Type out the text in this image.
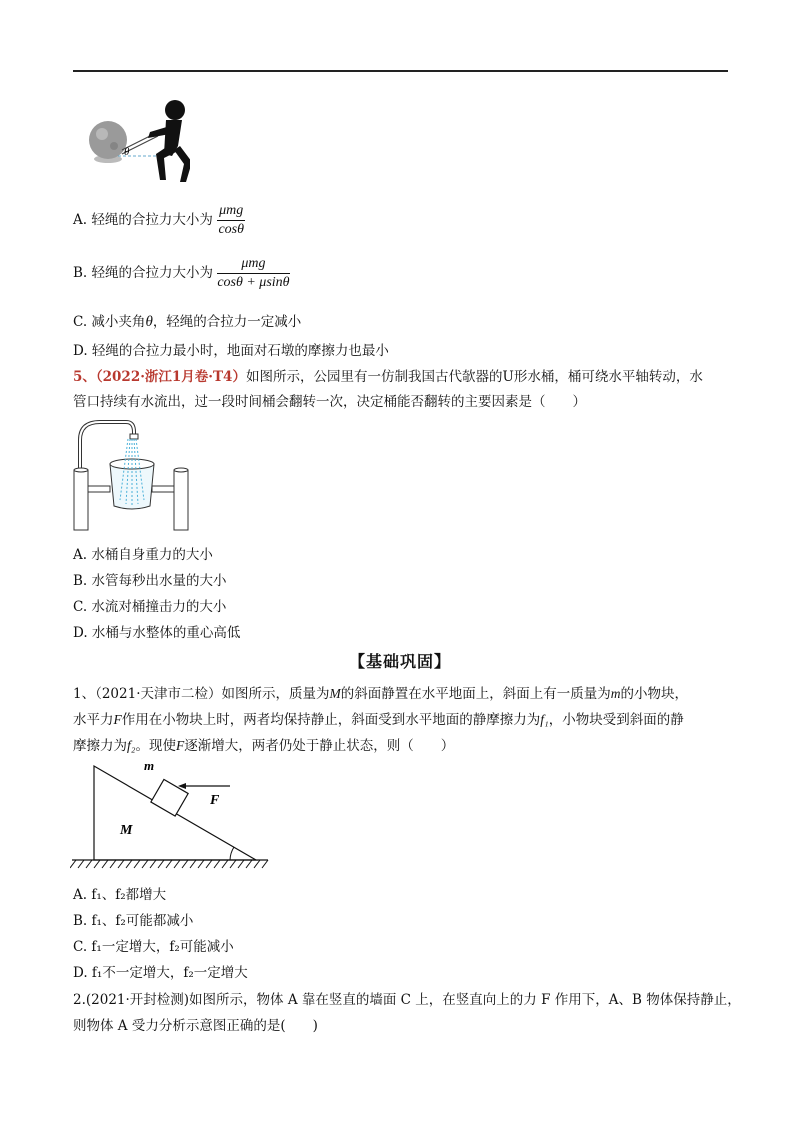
θ
A. 轻绳的合拉力大小为 $\frac{\text{μmg}}{\cos\theta}$
B. 轻绳的合拉力大小为 $\frac{\text{μmg}}{\cos\theta + \mu\sin\theta}$
C. 减小夹角θ，轻绳的合拉力一定减小
D. 轻绳的合拉力最小时，地面对石墩的摩擦力也最小
5、（2022·浙江1月卷·T4）如图所示，公园里有一仿制我国古代欹器的U形水桶，桶可绕水平轴转动，水
管口持续有水流出，过一段时间桶会翻转一次，决定桶能否翻转的主要因素是（　　）
A. 水桶自身重力的大小
B. 水管每秒出水量的大小
C. 水流对桶撞击力的大小
D. 水桶与水整体的重心高低
【基础巩固】
1、（2021·天津市二检）如图所示，质量为M的斜面静置在水平地面上，斜面上有一质量为m的小物块，
水平力F作用在小物块上时，两者均保持静止，斜面受到水平地面的静摩擦力为f₁，小物块受到斜面的静
摩擦力为f₂。现使F逐渐增大，两者仍处于静止状态，则（　　）
m
F
M
A. f₁、f₂都增大
B. f₁、f₂可能都减小
C. f₁一定增大，f₂可能减小
D. f₁不一定增大，f₂一定增大
2.(2021·开封检测)如图所示，物体 A 靠在竖直的墙面 C 上，在竖直向上的力 F 作用下，A、B 物体保持静止，
则物体 A 受力分析示意图正确的是(　　)
